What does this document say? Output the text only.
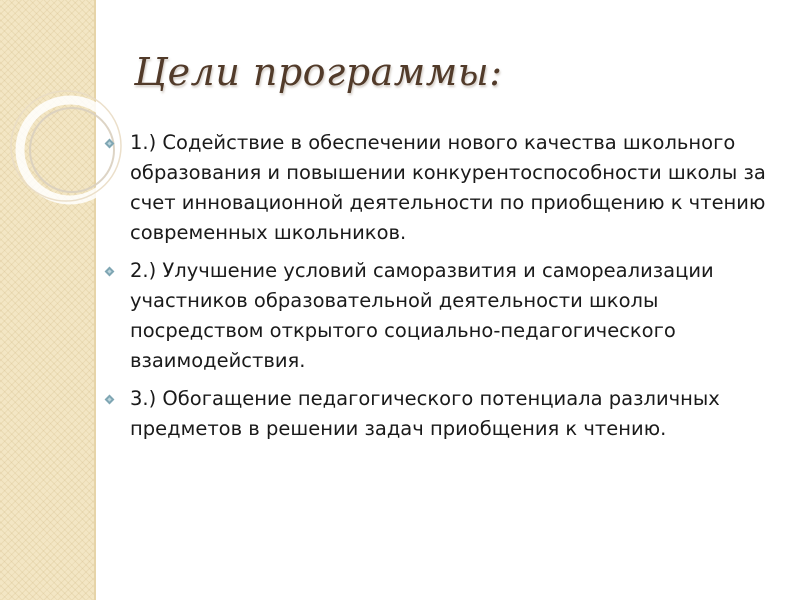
Цели программы:
1.) Содействие в обеспечении нового качества школьного образования и повышении конкурентоспособности школы за счет инновационной деятельности по приобщению к чтению современных школьников.
2.) Улучшение условий саморазвития и самореализации участников образовательной деятельности школы посредством открытого социально-педагогического взаимодействия.
3.) Обогащение педагогического потенциала различных предметов в решении задач приобщения к чтению.
